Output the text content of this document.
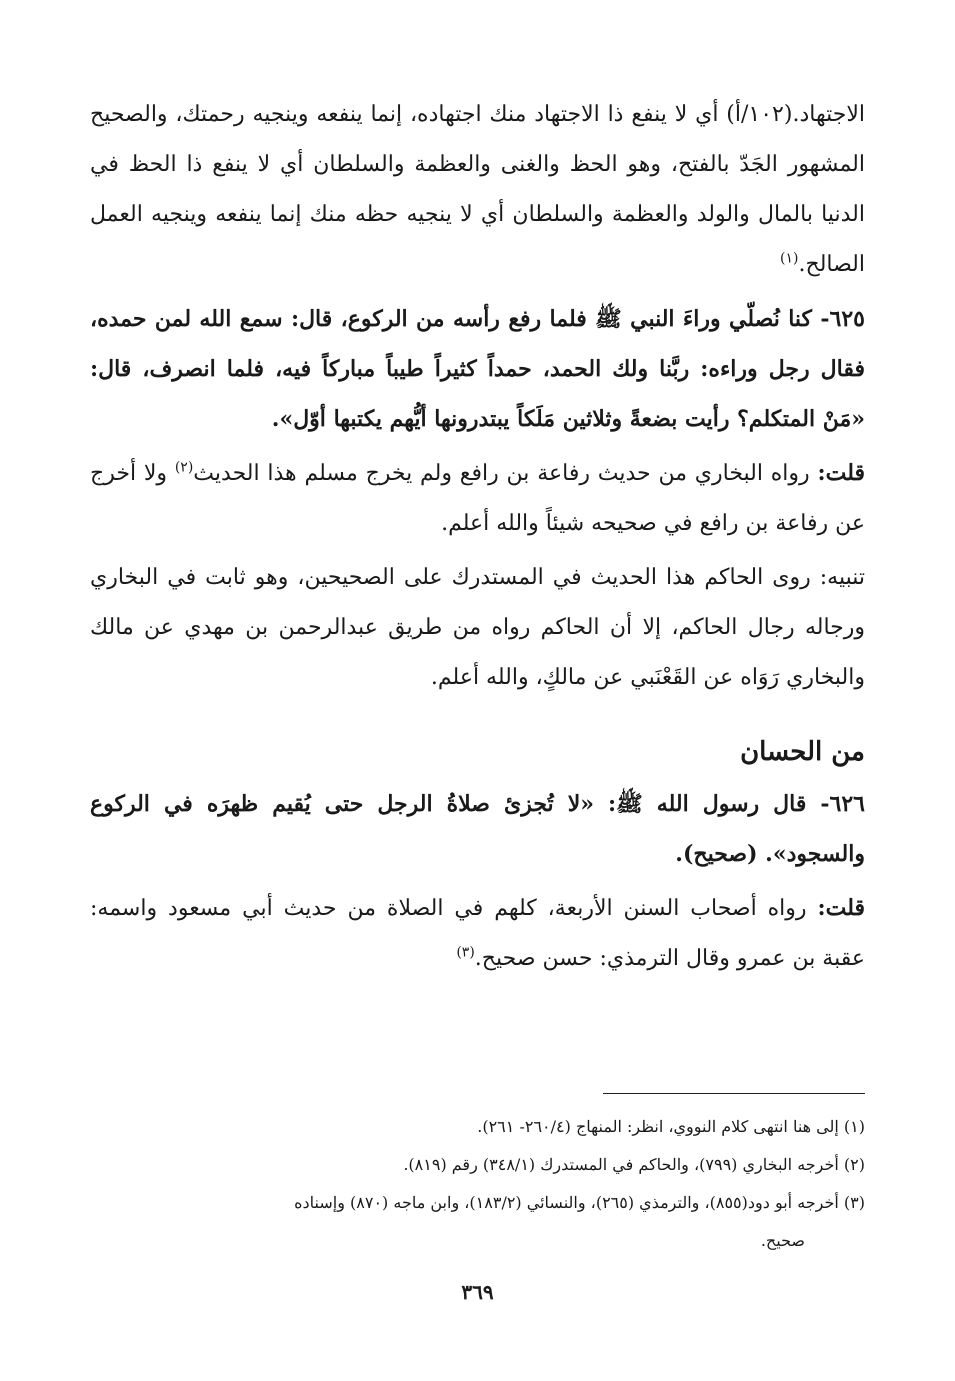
الاجتهاد.(١٠٢/أ) أي لا ينفع ذا الاجتهاد منك اجتهاده، إنما ينفعه وينجيه رحمتك، والصحيح المشهور الجَدّ بالفتح، وهو الحظ والغنى والعظمة والسلطان أي لا ينفع ذا الحظ في الدنيا بالمال والولد والعظمة والسلطان أي لا ينجيه حظه منك إنما ينفعه وينجيه العمل الصالح.$^{(١)}$

٦٢٥- كنا نُصلّي وراءَ النبي ﷺ فلما رفع رأسه من الركوع، قال: سمع الله لمن حمده، فقال رجل وراءه: ربَّنا ولك الحمد، حمداً كثيراً طيباً مباركاً فيه، فلما انصرف، قال: «مَنْ المتكلم؟ رأيت بضعةً وثلاثين مَلَكاً يبتدرونها أيُّهم يكتبها أوّل».

قلت: رواه البخاري من حديث رفاعة بن رافع ولم يخرج مسلم هذا الحديث$^{(٢)}$ ولا أخرج عن رفاعة بن رافع في صحيحه شيئاً والله أعلم.

تنبيه: روى الحاكم هذا الحديث في المستدرك على الصحيحين، وهو ثابت في البخاري ورجاله رجال الحاكم، إلا أن الحاكم رواه من طريق عبدالرحمن بن مهدي عن مالك والبخاري رَوَاه عن القَعْنَبي عن مالكٍ، والله أعلم.

من الحسان

٦٢٦- قال رسول الله ﷺ: «لا تُجزئ صلاةُ الرجل حتى يُقيم ظهرَه في الركوع والسجود». (صحيح).

قلت: رواه أصحاب السنن الأربعة، كلهم في الصلاة من حديث أبي مسعود واسمه: عقبة بن عمرو وقال الترمذي: حسن صحيح.$^{(٣)}$

(١) إلى هنا انتهى كلام النووي، انظر: المنهاج (٢٦٠/٤- ٢٦١).

(٢) أخرجه البخاري (٧٩٩)، والحاكم في المستدرك (٣٤٨/١) رقم (٨١٩).

(٣) أخرجه أبو دود(٨٥٥)، والترمذي (٢٦٥)، والنسائي (١٨٣/٢)، وابن ماجه (٨٧٠) وإسناده

صحيح.

٣٦٩
